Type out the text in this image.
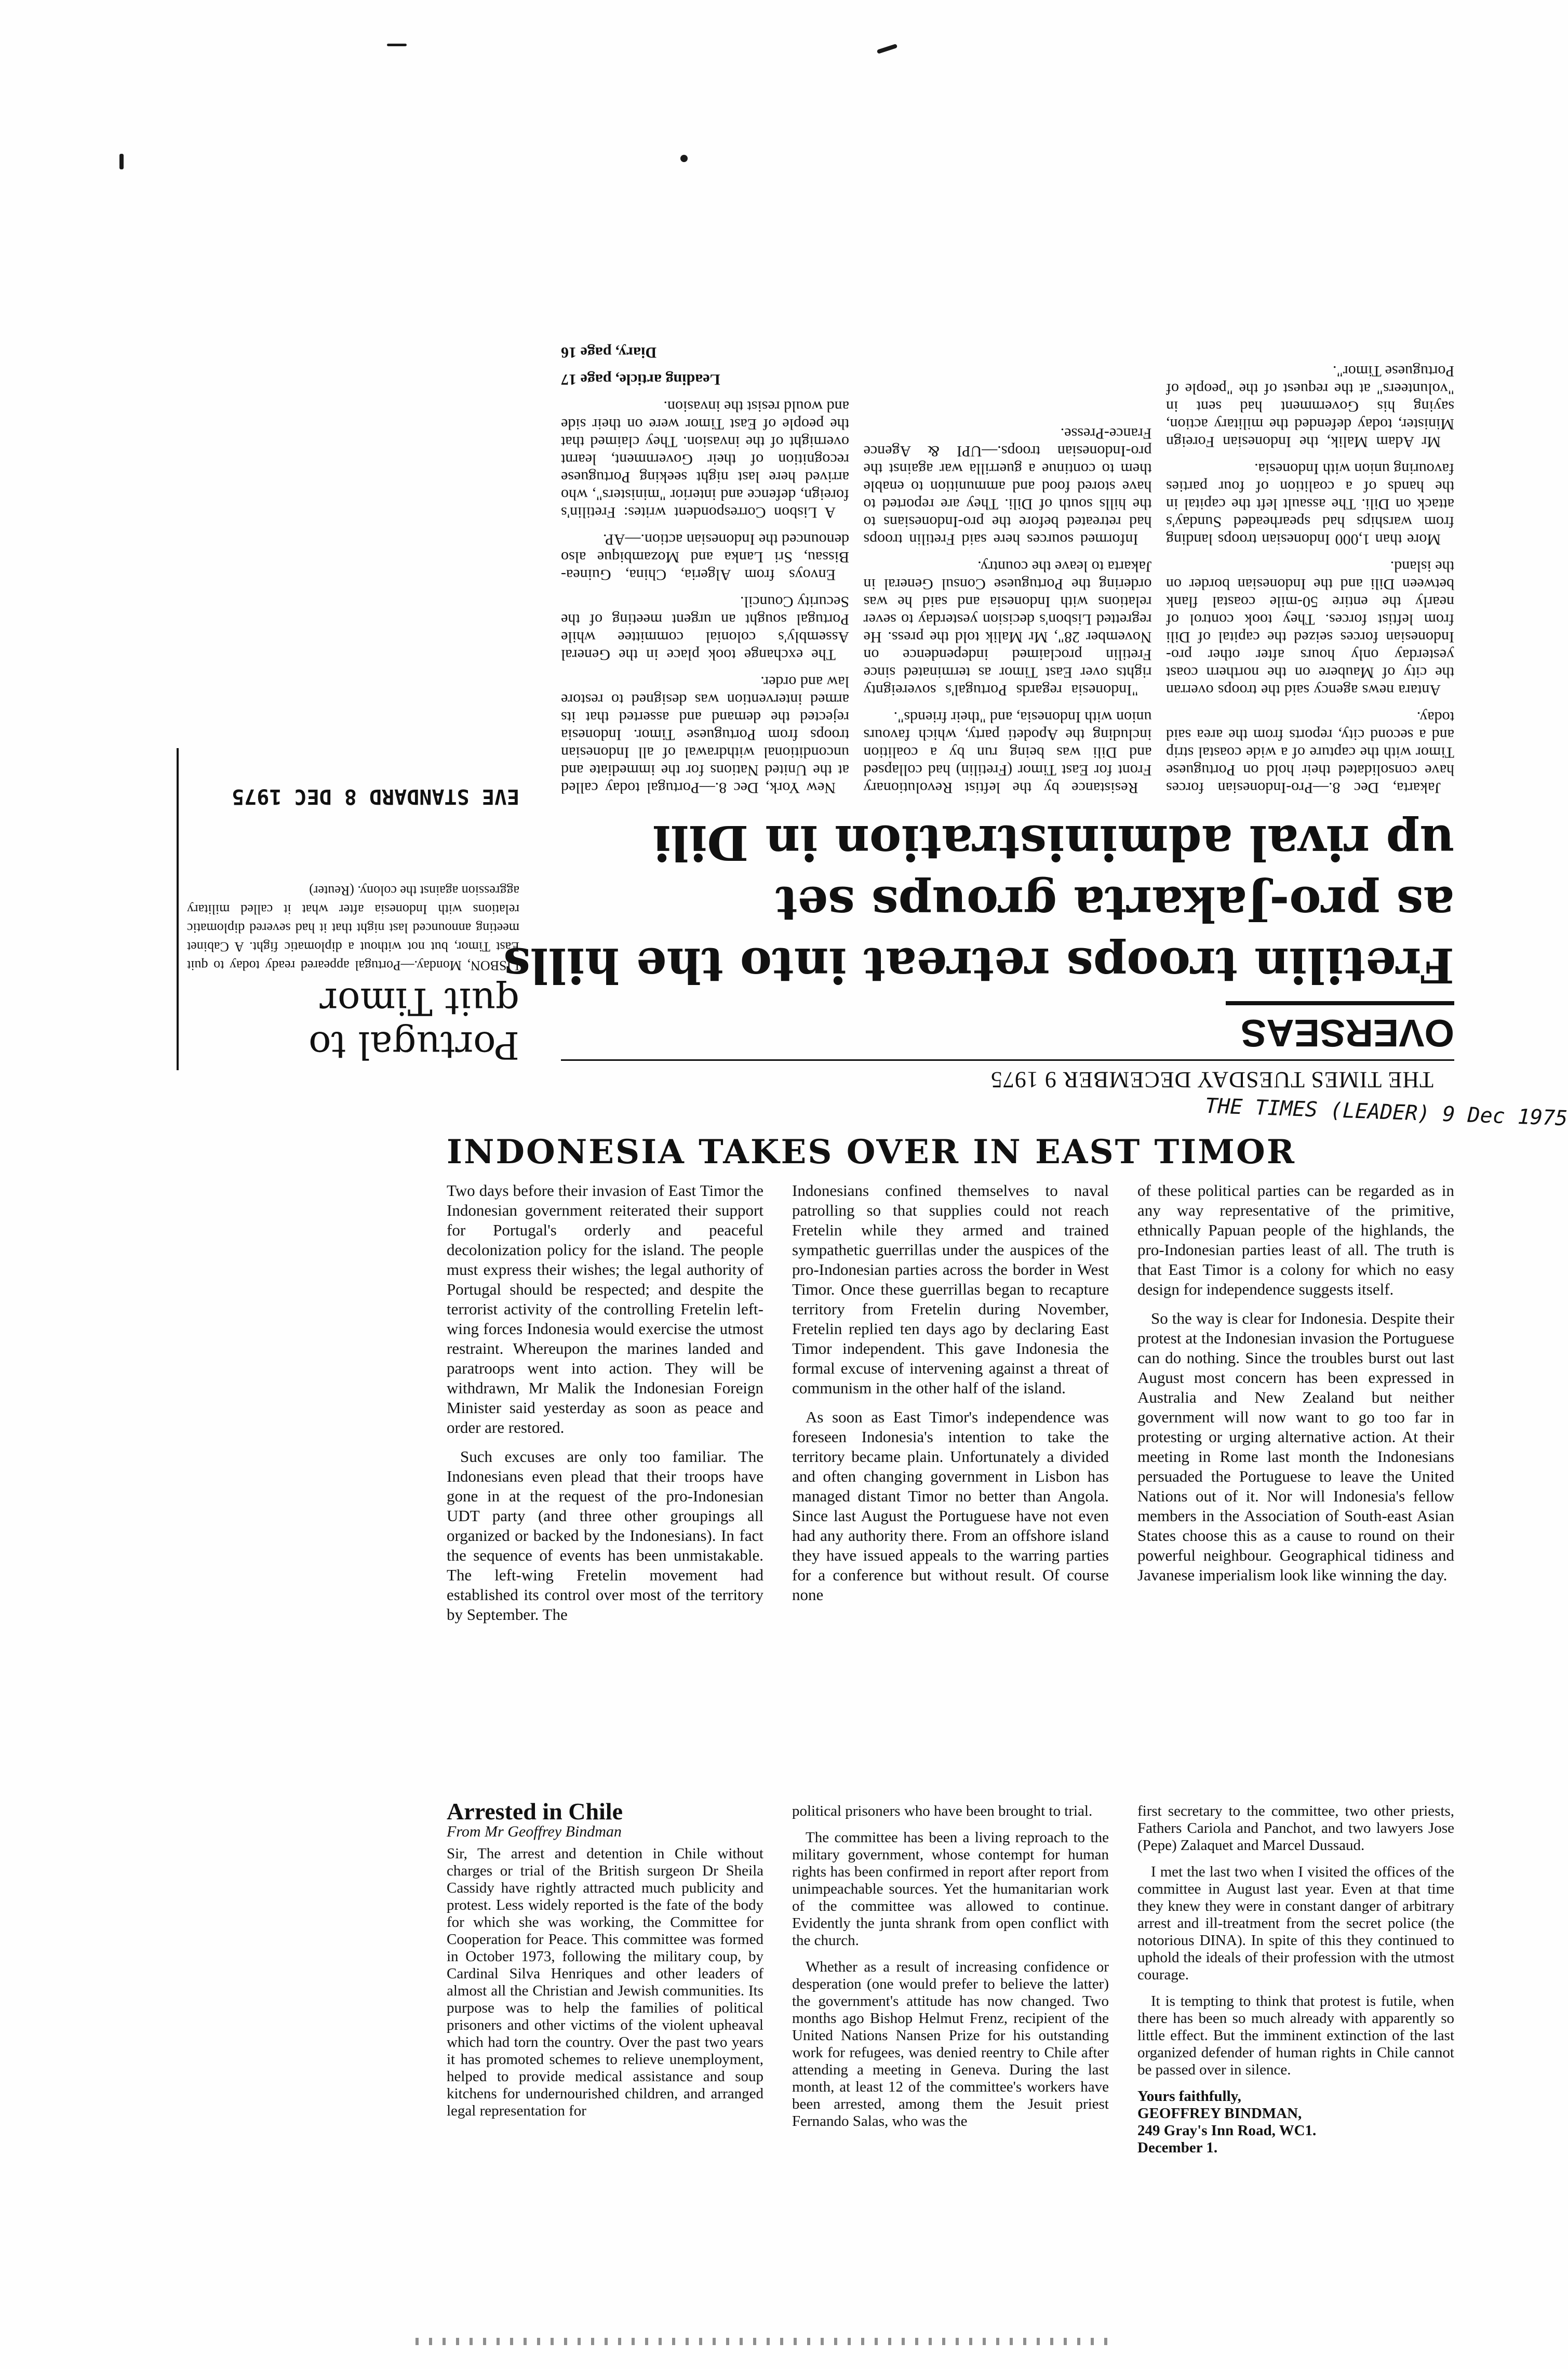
THE TIMES TUESDAY DECEMBER 9 1975
OVERSEAS
Fretilin troops retreat into the hills
as pro-Jakarta groups set
up rival administration in Dili

Jakarta, Dec 8.—Pro-Indonesian forces have consolidated their hold on Portuguese Timor with the capture of a wide coastal strip and a second city, reports from the area said today.

Antara news agency said the troops overran the city of Maubere on the northern coast yesterday only hours after other pro-Indonesian forces seized the capital of Dili from leftist forces. They took control of nearly the entire 50-mile coastal flank between Dili and the Indonesian border on the island.

More than 1,000 Indonesian troops landing from warships had spearheaded Sunday's attack on Dili. The assault left the capital in the hands of a coalition of four parties favouring union with Indonesia.

Mr Adam Malik, the Indonesian Foreign Minister, today defended the military action, saying his Government had sent in "volunteers" at the request of the "people of Portuguese Timor".

Resistance by the leftist Revolutionary Front for East Timor (Fretilin) had collapsed and Dili was being run by a coalition including the Apodeti party, which favours union with Indonesia, and "their friends".

"Indonesia regards Portugal's sovereignty rights over East Timor as terminated since Fretilin proclaimed independence on November 28", Mr Malik told the press. He regretted Lisbon's decision yesterday to sever relations with Indonesia and said he was ordering the Portuguese Consul General in Jakarta to leave the country.

Informed sources here said Fretilin troops had retreated before the pro-Indonesians to the hills south of Dili. They are reported to have stored food and ammunition to enable them to continue a guerrilla war against the pro-Indonesian troops.—UPI & Agence France-Presse.

New York, Dec 8.—Portugal today called at the United Nations for the immediate and unconditional withdrawal of all Indonesian troops from Portuguese Timor. Indonesia rejected the demand and asserted that its armed intervention was designed to restore law and order.

The exchange took place in the General Assembly's colonial committee while Portugal sought an urgent meeting of the Security Council.

Envoys from Algeria, China, Guinea-Bissau, Sri Lanka and Mozambique also denounced the Indonesian action.—AP.

A Lisbon Correspondent writes: Fretilin's foreign, defence and interior "ministers", who arrived here last night seeking Portuguese recognition of their Government, learnt overnight of the invasion. They claimed that the people of East Timor were on their side and would resist the invasion.

Leading article, page 17

Diary, page 16

Portugal to
quit Timor
LISBON, Monday.—Portugal appeared ready today to quit East Timor, but not without a diplomatic fight. A Cabinet meeting announced last night that it had severed diplomatic relations with Indonesia after what it called military aggression against the colony. (Reuter)
EVE STANDARD 8 DEC 1975
THE TIMES (LEADER) 9 Dec 1975
INDONESIA TAKES OVER IN EAST TIMOR

Two days before their invasion of East Timor the Indonesian government reiterated their support for Portugal's orderly and peaceful decolonization policy for the island. The people must express their wishes; the legal authority of Portugal should be respected; and despite the terrorist activity of the controlling Fretelin left-wing forces Indonesia would exercise the utmost restraint. Whereupon the marines landed and paratroops went into action. They will be withdrawn, Mr Malik the Indonesian Foreign Minister said yesterday as soon as peace and order are restored.

Such excuses are only too familiar. The Indonesians even plead that their troops have gone in at the request of the pro-Indonesian UDT party (and three other groupings all organized or backed by the Indonesians). In fact the sequence of events has been unmistakable. The left-wing Fretelin movement had established its control over most of the territory by September. The

Indonesians confined themselves to naval patrolling so that supplies could not reach Fretelin while they armed and trained sympathetic guerrillas under the auspices of the pro-Indonesian parties across the border in West Timor. Once these guerrillas began to recapture territory from Fretelin during November, Fretelin replied ten days ago by declaring East Timor independent. This gave Indonesia the formal excuse of intervening against a threat of communism in the other half of the island.

As soon as East Timor's independence was foreseen Indonesia's intention to take the territory became plain. Unfortunately a divided and often changing government in Lisbon has managed distant Timor no better than Angola. Since last August the Portuguese have not even had any authority there. From an offshore island they have issued appeals to the warring parties for a conference but without result. Of course none

of these political parties can be regarded as in any way representative of the primitive, ethnically Papuan people of the highlands, the pro-Indonesian parties least of all. The truth is that East Timor is a colony for which no easy design for independence suggests itself.

So the way is clear for Indonesia. Despite their protest at the Indonesian invasion the Portuguese can do nothing. Since the troubles burst out last August most concern has been expressed in Australia and New Zealand but neither government will now want to go too far in protesting or urging alternative action. At their meeting in Rome last month the Indonesians persuaded the Portuguese to leave the United Nations out of it. Nor will Indonesia's fellow members in the Association of South-east Asian States choose this as a cause to round on their powerful neighbour. Geographical tidiness and Javanese imperialism look like winning the day.

Arrested in Chile
From Mr Geoffrey Bindman

Sir, The arrest and detention in Chile without charges or trial of the British surgeon Dr Sheila Cassidy have rightly attracted much publicity and protest. Less widely reported is the fate of the body for which she was working, the Committee for Cooperation for Peace. This committee was formed in October 1973, following the military coup, by Cardinal Silva Henriques and other leaders of almost all the Christian and Jewish communities. Its purpose was to help the families of political prisoners and other victims of the violent upheaval which had torn the country. Over the past two years it has promoted schemes to relieve unemployment, helped to provide medical assistance and soup kitchens for undernourished children, and arranged legal representation for

political prisoners who have been brought to trial.

The committee has been a living reproach to the military government, whose contempt for human rights has been confirmed in report after report from unimpeachable sources. Yet the humanitarian work of the committee was allowed to continue. Evidently the junta shrank from open conflict with the church.

Whether as a result of increasing confidence or desperation (one would prefer to believe the latter) the government's attitude has now changed. Two months ago Bishop Helmut Frenz, recipient of the United Nations Nansen Prize for his outstanding work for refugees, was denied reentry to Chile after attending a meeting in Geneva. During the last month, at least 12 of the committee's workers have been arrested, among them the Jesuit priest Fernando Salas, who was the

first secretary to the committee, two other priests, Fathers Cariola and Panchot, and two lawyers Jose (Pepe) Zalaquet and Marcel Dussaud.

I met the last two when I visited the offices of the committee in August last year. Even at that time they knew they were in constant danger of arbitrary arrest and ill-treatment from the secret police (the notorious DINA). In spite of this they continued to uphold the ideals of their profession with the utmost courage.

It is tempting to think that protest is futile, when there has been so much already with apparently so little effect. But the imminent extinction of the last organized defender of human rights in Chile cannot be passed over in silence.

Yours faithfully,
GEOFFREY BINDMAN,
249 Gray's Inn Road, WC1.
December 1.
